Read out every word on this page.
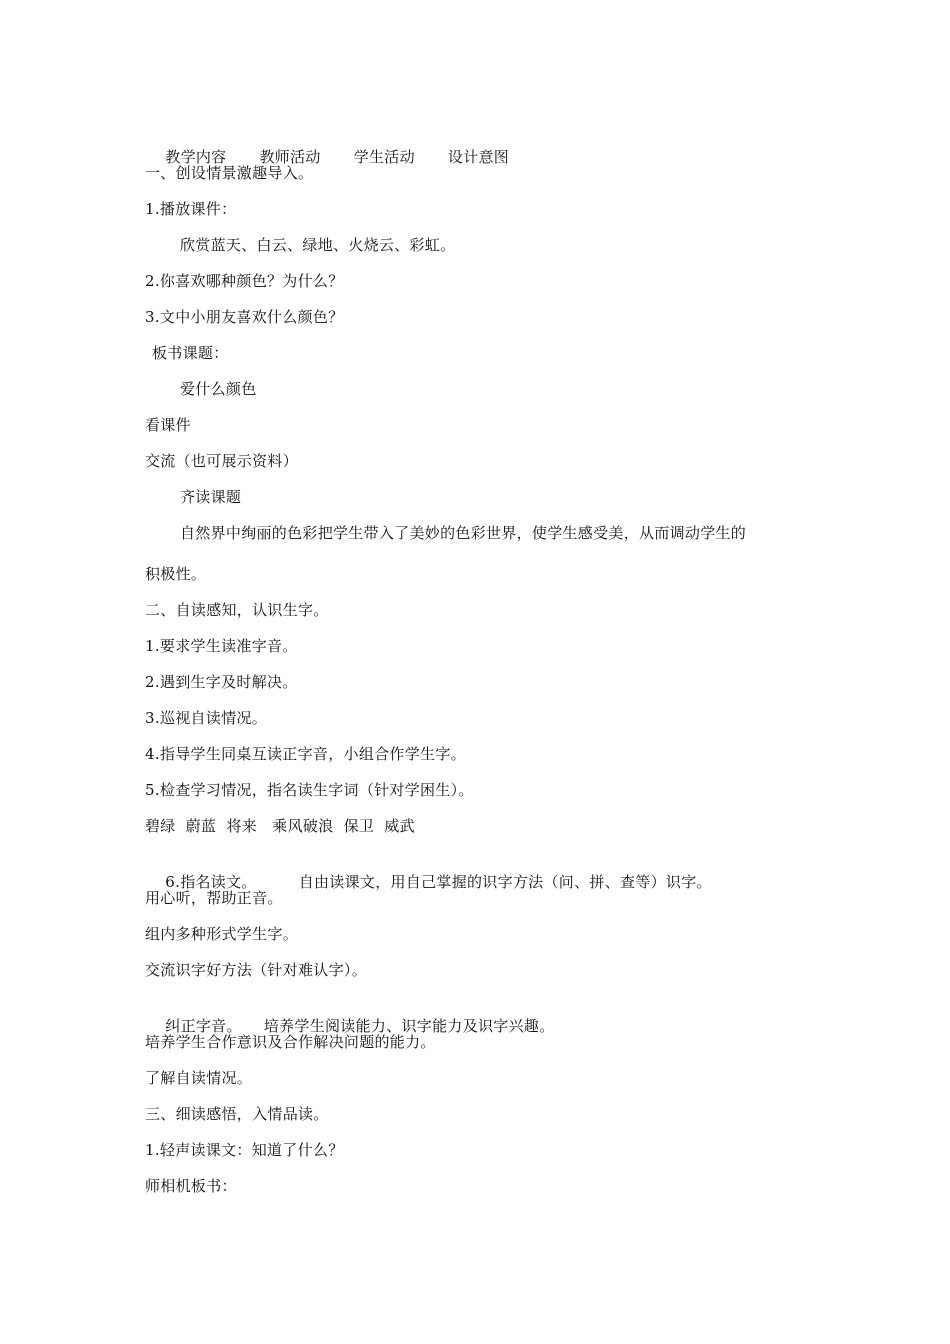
教学内容 教师活动 学生活动 设计意图

一、创设情景激趣导入。
1.播放课件：
欣赏蓝天、白云、绿地、火烧云、彩虹。
2.你喜欢哪种颜色？为什么？
3.文中小朋友喜欢什么颜色？
板书课题：
爱什么颜色
看课件
交流（也可展示资料）
齐读课题
自然界中绚丽的色彩把学生带入了美妙的色彩世界，使学生感受美，从而调动学生的
积极性。
二、自读感知，认识生字。
1.要求学生读准字音。
2.遇到生字及时解决。
3.巡视自读情况。
4.指导学生同桌互读正字音，小组合作学生字。
5.检查学习情况，指名读生字词（针对学困生）。
碧绿  蔚蓝  将来   乘风破浪  保卫  威武

6.指名读文。	自由读课文，用自己掌握的识字方法（问、拼、查等）识字。

用心听，帮助正音。
组内多种形式学生字。
交流识字好方法（针对难认字）。

纠正字音。 培养学生阅读能力、识字能力及识字兴趣。

培养学生合作意识及合作解决问题的能力。
了解自读情况。
三、细读感悟，入情品读。
1.轻声读课文：知道了什么？
师相机板书：
